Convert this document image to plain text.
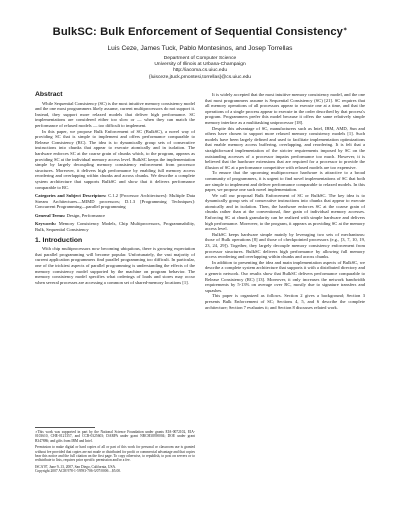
BulkSC: Bulk Enforcement of Sequential Consistency∗
Luis Ceze, James Tuck, Pablo Montesinos, and Josep Torrellas
Department of Computer Science
University of Illinois at Urbana-Champaign
http://iacoma.cs.uiuc.edu
{luisceze,jtuck,pmontesi,torrellas}@cs.uiuc.edu
Abstract

While Sequential Consistency (SC) is the most intuitive memory consistency model and the one most programmers likely assume, current multiprocessors do not support it. Instead, they support more relaxed models that deliver high performance. SC implementations are considered either too slow or — when they can match the performance of relaxed models — too difficult to implement.

In this paper, we propose Bulk Enforcement of SC (BulkSC), a novel way of providing SC that is simple to implement and offers performance comparable to Release Consistency (RC). The idea is to dynamically group sets of consecutive instructions into chunks that appear to execute atomically and in isolation. The hardware enforces SC at the coarse grain of chunks which, to the program, appears as providing SC at the individual memory access level. BulkSC keeps the implementation simple by largely decoupling memory consistency enforcement from processor structures. Moreover, it delivers high performance by enabling full memory access reordering and overlapping within chunks and across chunks. We describe a complete system architecture that supports BulkSC and show that it delivers performance comparable to RC.

Categories and Subject Descriptors: C.1.2 [Processor Architectures]: Multiple Data Stream Architectures—MIMD processors; D.1.3 [Programming Techniques]: Concurrent Programming—parallel programming

General Terms: Design, Performance

Keywords: Memory Consistency Models, Chip Multiprocessors, Programmability, Bulk, Sequential Consistency

1. Introduction

With chip multiprocessors now becoming ubiquitous, there is growing expectation that parallel programming will become popular. Unfortunately, the vast majority of current application programmers find parallel programming too difficult. In particular, one of the trickiest aspects of parallel programming is understanding the effects of the memory consistency model supported by the machine on program behavior. The memory consistency model specifies what orderings of loads and stores may occur when several processes are accessing a common set of shared-memory locations [1].

∗This work was supported in part by the National Science Foundation under grants EIA-0072102, EIA-0103610, CHE-0121357, and CCR-0325603; DARPA under grant NBCH30390004; DOE under grant B347886; and gifts from IBM and Intel.

Permission to make digital or hard copies of all or part of this work for personal or classroom use is granted without fee provided that copies are not made or distributed for profit or commercial advantage and that copies bear this notice and the full citation on the first page. To copy otherwise, to republish, to post on servers or to redistribute to lists, requires prior specific permission and/or a fee.

ISCA'07, June 9–13, 2007, San Diego, California, USA.

Copyright 2007 ACM 978-1-59593-706-3/07/0006 ...$5.00.

It is widely accepted that the most intuitive memory consistency model, and the one that most programmers assume is Sequential Consistency (SC) [21]. SC requires that all memory operations of all processors appear to execute one at a time, and that the operations of a single process appear to execute in the order described by that process's program. Programmers prefer this model because it offers the same relatively simple memory interface as a multitasking uniprocessor [18].

Despite this advantage of SC, manufacturers such as Intel, IBM, AMD, Sun and others have chosen to support more relaxed memory consistency models [1]. Such models have been largely defined and used to facilitate implementation optimizations that enable memory access buffering, overlapping, and reordering. It is felt that a straightforward implementation of the stricter requirements imposed by SC on the outstanding accesses of a processor impairs performance too much. However, it is believed that the hardware extensions that are required for a processor to provide the illusion of SC at a performance competitive with relaxed models are too expensive.

To ensure that the upcoming multiprocessor hardware is attractive to a broad community of programmers, it is urgent to find novel implementations of SC that both are simple to implement and deliver performance comparable to relaxed models. In this paper, we propose one such novel implementation.

We call our proposal Bulk Enforcement of SC or BulkSC. The key idea is to dynamically group sets of consecutive instructions into chunks that appear to execute atomically and in isolation. Then, the hardware enforces SC at the coarse grain of chunks rather than at the conventional, fine grain of individual memory accesses. Enforcing SC at chunk granularity can be realized with simple hardware and delivers high performance. Moreover, to the program, it appears as providing SC at the memory access level.

BulkSC keeps hardware simple mainly by leveraging two sets of mechanisms: those of Bulk operations [8] and those of checkpointed processors (e.g., [3, 7, 10, 19, 23, 24, 29]). Together, they largely decouple memory consistency enforcement from processor structures. BulkSC delivers high performance by allowing full memory access reordering and overlapping within chunks and across chunks.

In addition to presenting the idea and main implementation aspects of BulkSC, we describe a complete system architecture that supports it with a distributed directory and a generic network. Our results show that BulkSC delivers performance comparable to Release Consistency (RC) [13]. Moreover, it only increases the network bandwidth requirements by 5-13% on average over RC, mostly due to signature transfers and squashes.

This paper is organized as follows. Section 2 gives a background; Section 3 presents Bulk Enforcement of SC; Sections 4, 5, and 6 describe the complete architecture; Section 7 evaluates it; and Section 8 discusses related work.
